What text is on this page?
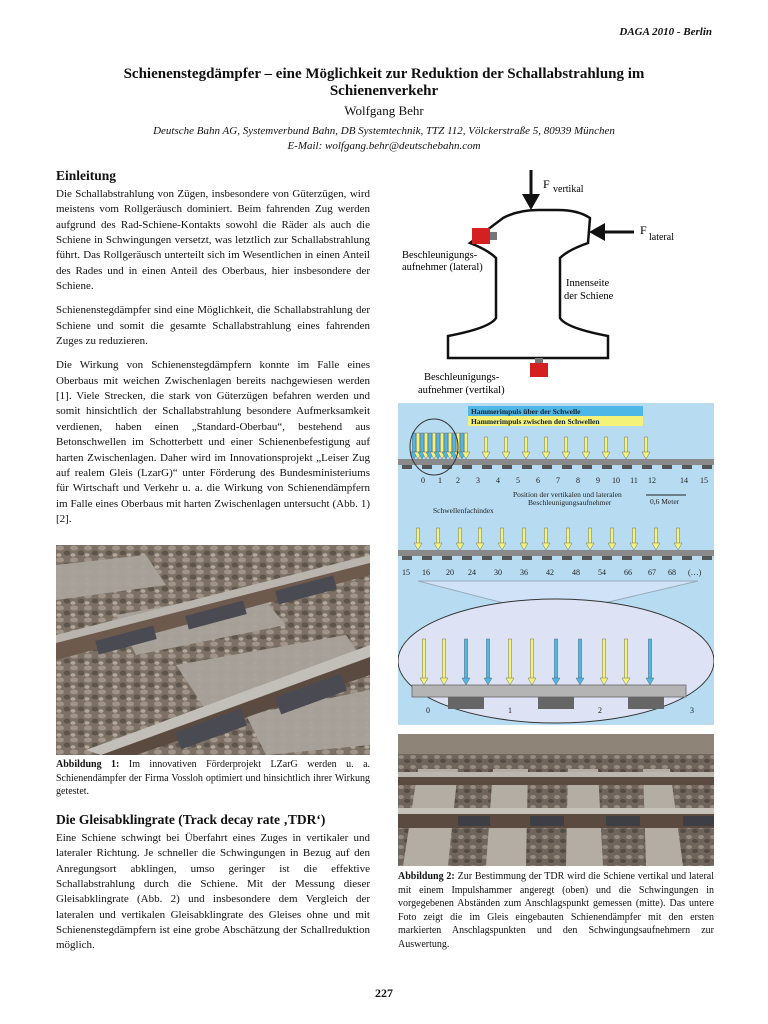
DAGA 2010 - Berlin
Schienenstegdämpfer – eine Möglichkeit zur Reduktion der Schallabstrahlung im
Schienenverkehr
Wolfgang Behr
Deutsche Bahn AG, Systemverbund Bahn, DB Systemtechnik, TTZ 112, Völckerstraße 5, 80939 München
E-Mail: wolfgang.behr@deutschebahn.com
Einleitung

Die Schallabstrahlung von Zügen, insbesondere von Güterzügen, wird meistens vom Rollgeräusch dominiert. Beim fahrenden Zug werden aufgrund des Rad-Schiene-Kontakts sowohl die Räder als auch die Schiene in Schwingungen versetzt, was letztlich zur Schallabstrahlung führt. Das Rollgeräusch unterteilt sich im Wesentlichen in einen Anteil des Rades und in einen Anteil des Oberbaus, hier insbesondere der Schiene.

Schienenstegdämpfer sind eine Möglichkeit, die Schallabstrahlung der Schiene und somit die gesamte Schallabstrahlung eines fahrenden Zuges zu reduzieren.

Die Wirkung von Schienenstegdämpfern konnte im Falle eines Oberbaus mit weichen Zwischenlagen bereits nachgewiesen werden [1]. Viele Strecken, die stark von Güterzügen befahren werden und somit hinsichtlich der Schallabstrahlung besondere Aufmerksamkeit verdienen, haben einen „Standard-Oberbau“, bestehend aus Betonschwellen im Schotterbett und einer Schienenbefestigung auf harten Zwischenlagen. Daher wird im Innovationsprojekt „Leiser Zug auf realem Gleis (LzarG)“ unter Förderung des Bundesministeriums für Wirtschaft und Verkehr u. a. die Wirkung von Schienendämpfern im Falle eines Oberbaus mit harten Zwischenlagen untersucht (Abb. 1) [2].

Abbildung 1: Im innovativen Förderprojekt LZarG werden u. a. Schienendämpfer der Firma Vossloh optimiert und hinsichtlich ihrer Wirkung getestet.
Die Gleisabklingrate (Track decay rate ‚TDR‘)

Eine Schiene schwingt bei Überfahrt eines Zuges in vertikaler und lateraler Richtung. Je schneller die Schwingungen in Bezug auf den Anregungsort abklingen, umso geringer ist die effektive Schallabstrahlung durch die Schiene. Mit der Messung dieser Gleisabklingrate (Abb. 2) und insbesondere dem Vergleich der lateralen und vertikalen Gleisabklingrate des Gleises ohne und mit Schienenstegdämpfern ist eine grobe Abschätzung der Schallreduktion möglich.

F vertikal
F
lateral
Beschleunigungs-
aufnehmer (lateral)
Innenseite
der Schiene
Beschleunigungs-
aufnehmer (vertikal)
Hammerimpuls über der Schwelle
Hammerimpuls zwischen den Schwellen
0 1 2 3 4 5 6 7 8 9 10 11 12	14 15
Position der vertikalen und lateralen
Beschleunigungsaufnehmer	0,6 Meter
Schwellenfachindex
15 16 20 24 30 36 42 48 54 66 67 68 (…)
0	1	2	3
Abbildung 2: Zur Bestimmung der TDR wird die Schiene vertikal und lateral mit einem Impulshammer angeregt (oben) und die Schwingungen in vorgegebenen Abständen zum Anschlagspunkt gemessen (mitte). Das untere Foto zeigt die im Gleis eingebauten Schienendämpfer mit den ersten markierten Anschlagspunkten und den Schwingungsaufnehmern zur Auswertung.
227
